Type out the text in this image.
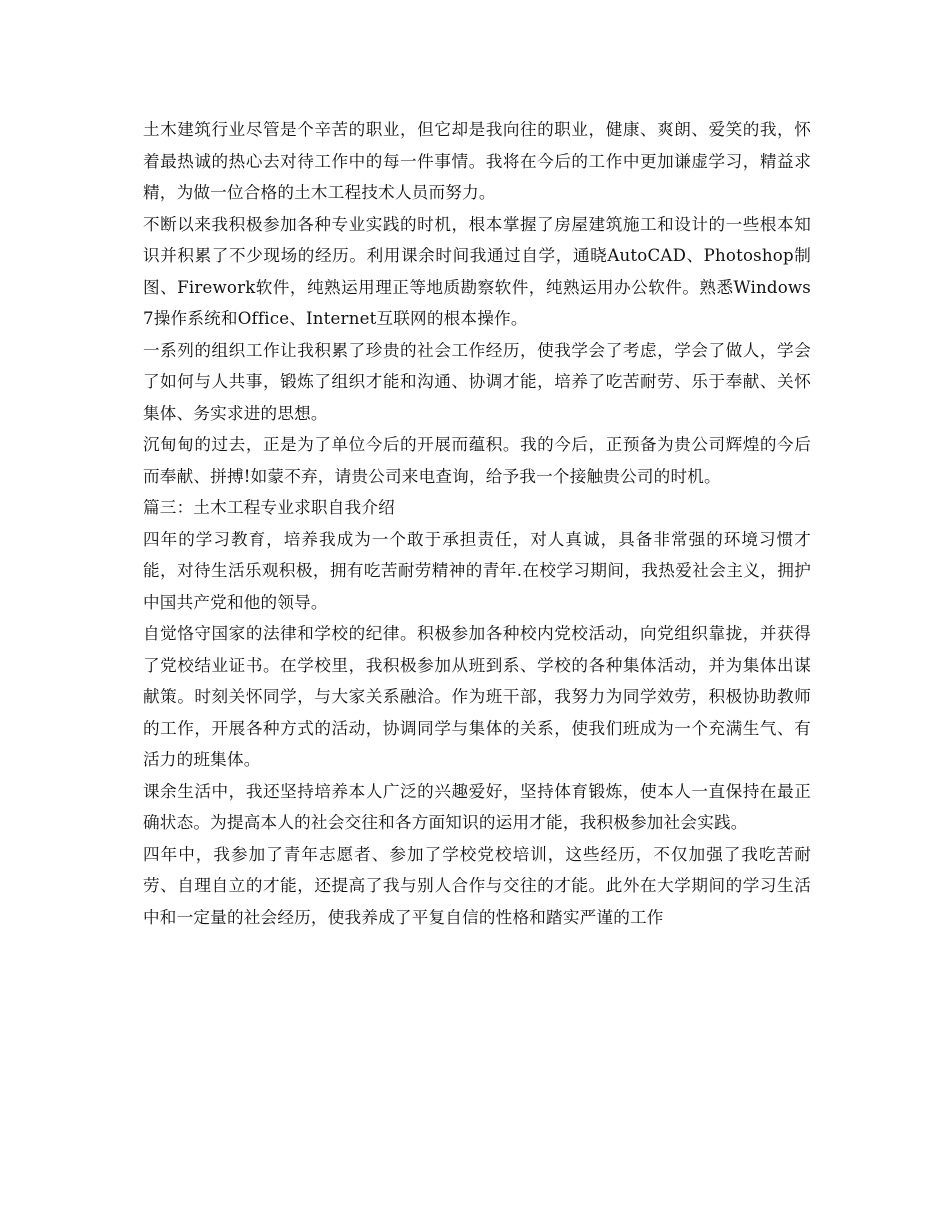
土木建筑行业尽管是个辛苦的职业，但它却是我向往的职业，健康、爽朗、爱笑的我，怀着最热诚的热心去对待工作中的每一件事情。我将在今后的工作中更加谦虚学习，精益求精，为做一位合格的土木工程技术人员而努力。

不断以来我积极参加各种专业实践的时机，根本掌握了房屋建筑施工和设计的一些根本知识并积累了不少现场的经历。利用课余时间我通过自学，通晓AutoCAD、Photoshop制图、Firework软件，纯熟运用理正等地质勘察软件，纯熟运用办公软件。熟悉Windows7操作系统和Office、Internet互联网的根本操作。

一系列的组织工作让我积累了珍贵的社会工作经历，使我学会了考虑，学会了做人，学会了如何与人共事，锻炼了组织才能和沟通、协调才能，培养了吃苦耐劳、乐于奉献、关怀集体、务实求进的思想。

沉甸甸的过去，正是为了单位今后的开展而蕴积。我的今后，正预备为贵公司辉煌的今后而奉献、拼搏!如蒙不弃，请贵公司来电查询，给予我一个接触贵公司的时机。

篇三：土木工程专业求职自我介绍

四年的学习教育，培养我成为一个敢于承担责任，对人真诚，具备非常强的环境习惯才能，对待生活乐观积极，拥有吃苦耐劳精神的青年.在校学习期间，我热爱社会主义，拥护中国共产党和他的领导。

自觉恪守国家的法律和学校的纪律。积极参加各种校内党校活动，向党组织靠拢，并获得了党校结业证书。在学校里，我积极参加从班到系、学校的各种集体活动，并为集体出谋献策。时刻关怀同学，与大家关系融洽。作为班干部，我努力为同学效劳，积极协助教师的工作，开展各种方式的活动，协调同学与集体的关系，使我们班成为一个充满生气、有活力的班集体。

课余生活中，我还坚持培养本人广泛的兴趣爱好，坚持体育锻炼，使本人一直保持在最正确状态。为提高本人的社会交往和各方面知识的运用才能，我积极参加社会实践。

四年中，我参加了青年志愿者、参加了学校党校培训，这些经历，不仅加强了我吃苦耐劳、自理自立的才能，还提高了我与别人合作与交往的才能。此外在大学期间的学习生活中和一定量的社会经历，使我养成了平复自信的性格和踏实严谨的工作
